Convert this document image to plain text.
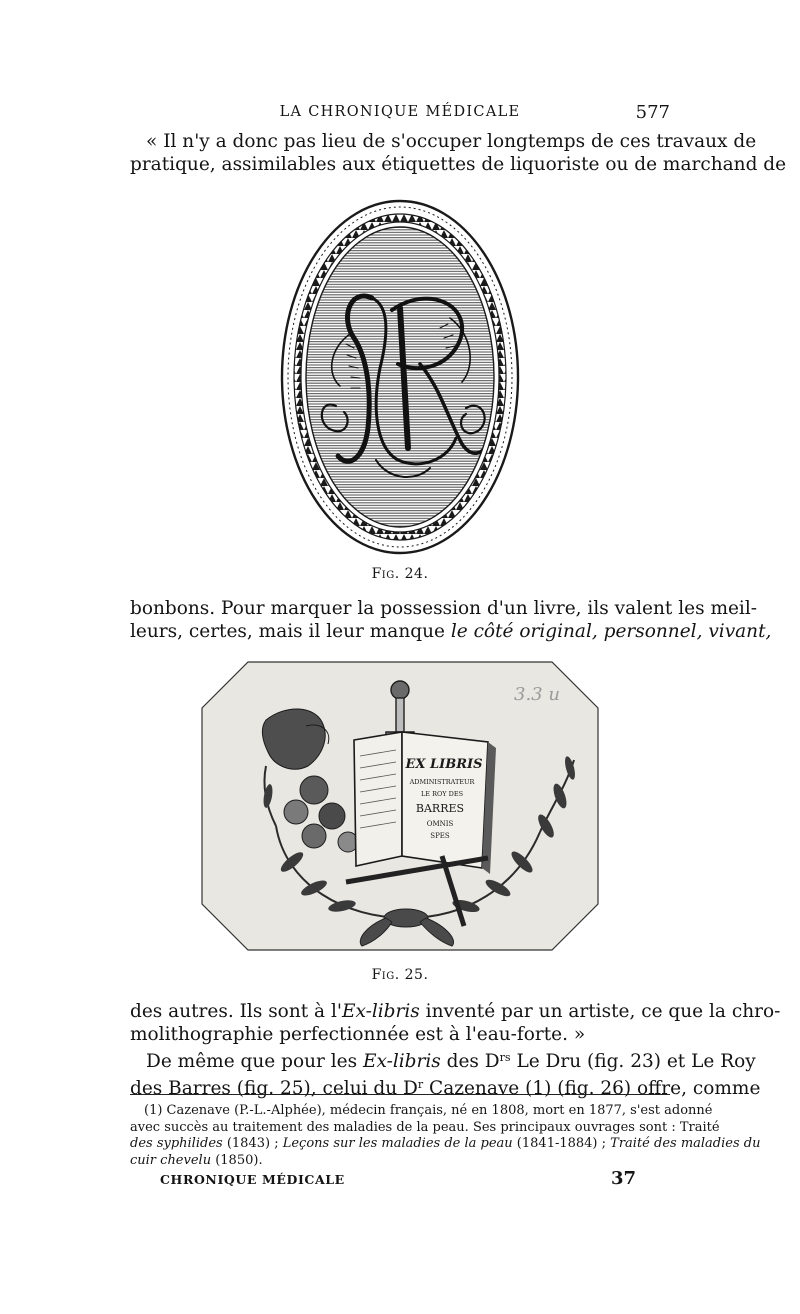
LA CHRONIQUE MÉDICALE	577
« Il n'y a donc pas lieu de s'occuper longtemps de ces travaux de
pratique, assimilables aux étiquettes de liquoriste ou de marchand de
Fig. 24.
bonbons. Pour marquer la possession d'un livre, ils valent les meil-
leurs, certes, mais il leur manque le côté original, personnel, vivant,
3.3 u
EX LIBRIS
ADMINISTRATEUR
LE ROY DES
BARRES
OMNIS
SPES
Fig. 25.
des autres. Ils sont à l'Ex-libris inventé par un artiste, ce que la chro-
molithographie perfectionnée est à l'eau-forte. »
De même que pour les Ex-libris des $D^{rs}$ Le Dru (fig. 23) et Le Roy
des Barres (fig. 25), celui du $D^r$ Cazenave (1) (fig. 26) offre, comme
(1) Cazenave (P.-L.-Alphée), médecin français, né en 1808, mort en 1877, s'est adonné
avec succès au traitement des maladies de la peau. Ses principaux ouvrages sont : Traité
des syphilides (1843) ; Leçons sur les maladies de la peau (1841-1884) ; Traité des maladies du
cuir chevelu (1850).
CHRONIQUE MÉDICALE	37
